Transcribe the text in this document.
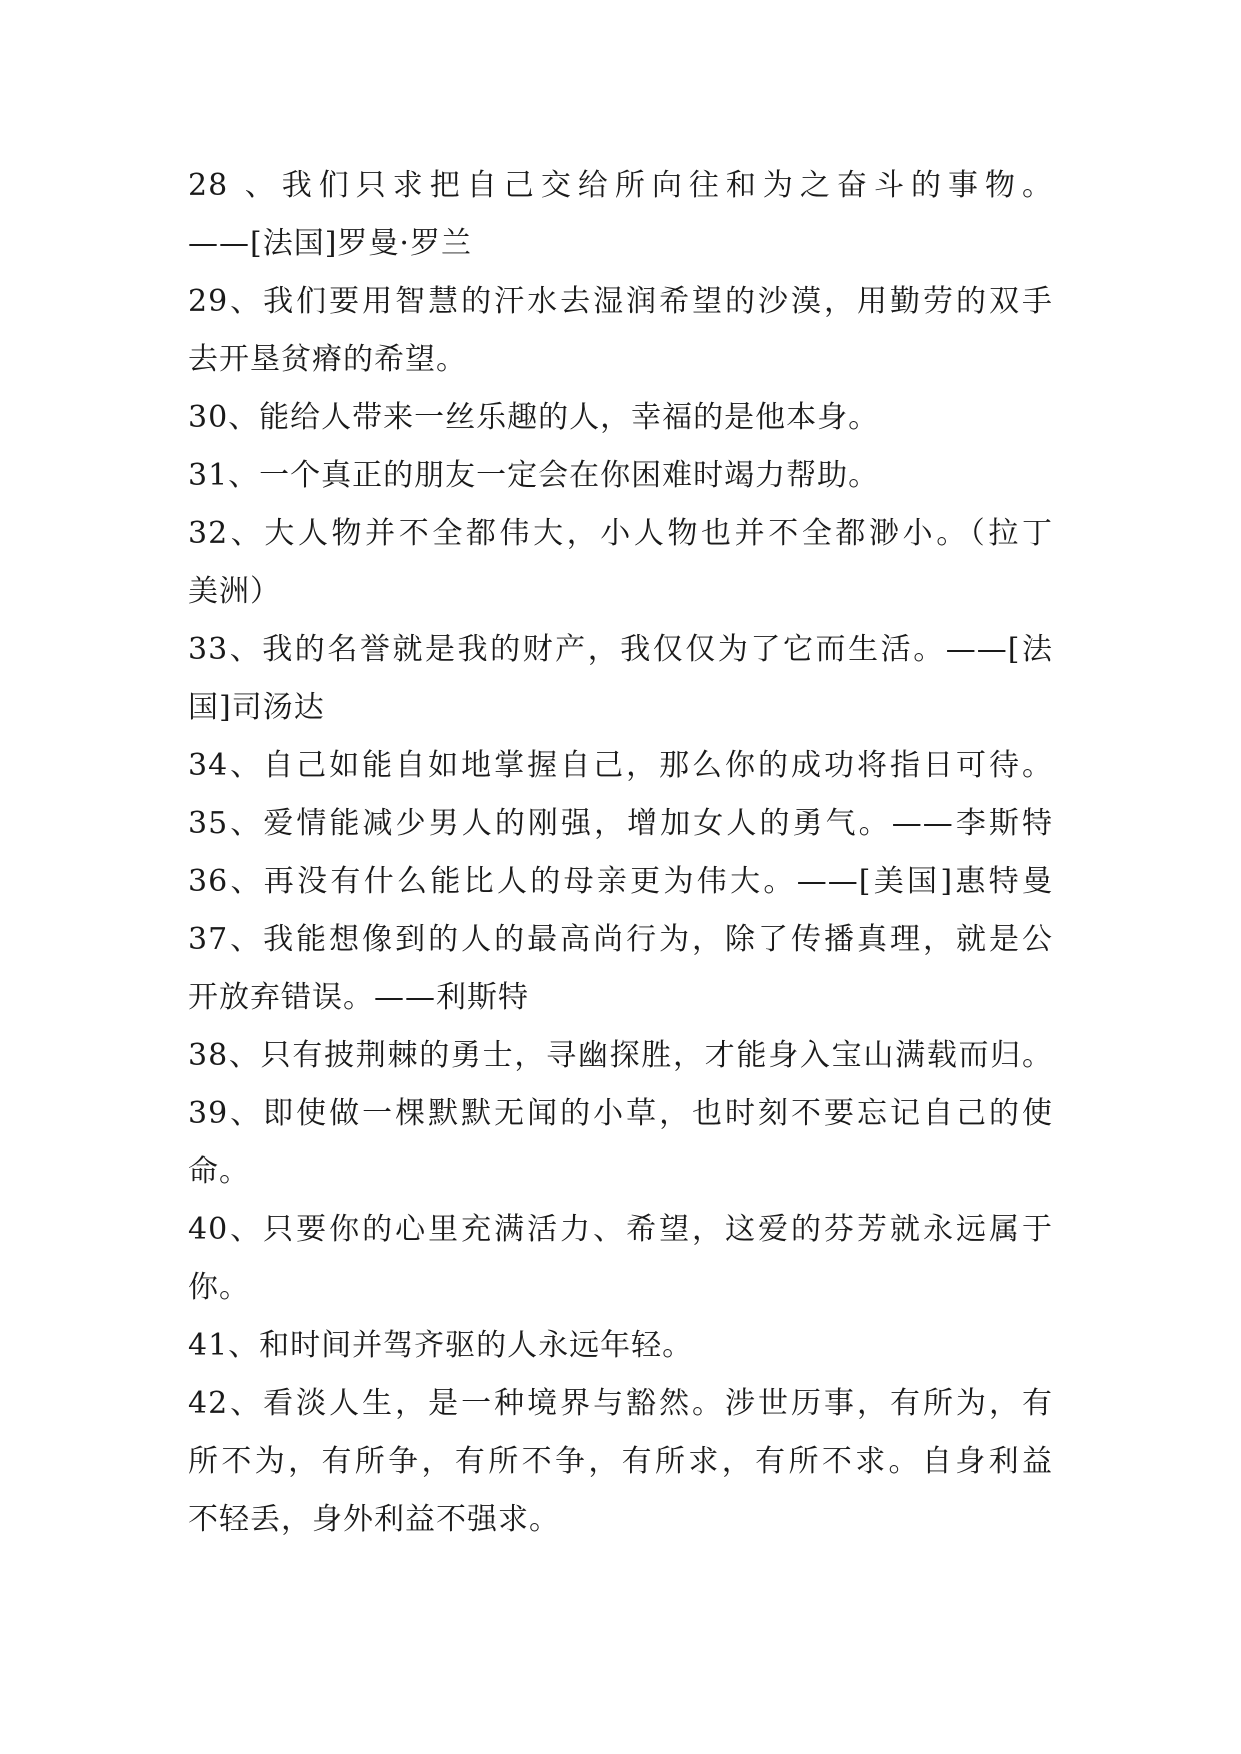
28 、我们只求把自己交给所向往和为之奋斗的事物。
——[法国]罗曼·罗兰
29、我们要用智慧的汗水去湿润希望的沙漠，用勤劳的双手
去开垦贫瘠的希望。
30、能给人带来一丝乐趣的人，幸福的是他本身。
31、一个真正的朋友一定会在你困难时竭力帮助。
32、大人物并不全都伟大，小人物也并不全都渺小。（拉丁
美洲）
33、我的名誉就是我的财产，我仅仅为了它而生活。——[法
国]司汤达
34、自己如能自如地掌握自己，那么你的成功将指日可待。
35、爱情能减少男人的刚强，增加女人的勇气。——李斯特
36、再没有什么能比人的母亲更为伟大。——[美国]惠特曼
37、我能想像到的人的最高尚行为，除了传播真理，就是公
开放弃错误。——利斯特
38、只有披荆棘的勇士，寻幽探胜，才能身入宝山满载而归。
39、即使做一棵默默无闻的小草，也时刻不要忘记自己的使
命。
40、只要你的心里充满活力、希望，这爱的芬芳就永远属于
你。
41、和时间并驾齐驱的人永远年轻。
42、看淡人生，是一种境界与豁然。涉世历事，有所为，有
所不为，有所争，有所不争，有所求，有所不求。自身利益
不轻丢，身外利益不强求。
